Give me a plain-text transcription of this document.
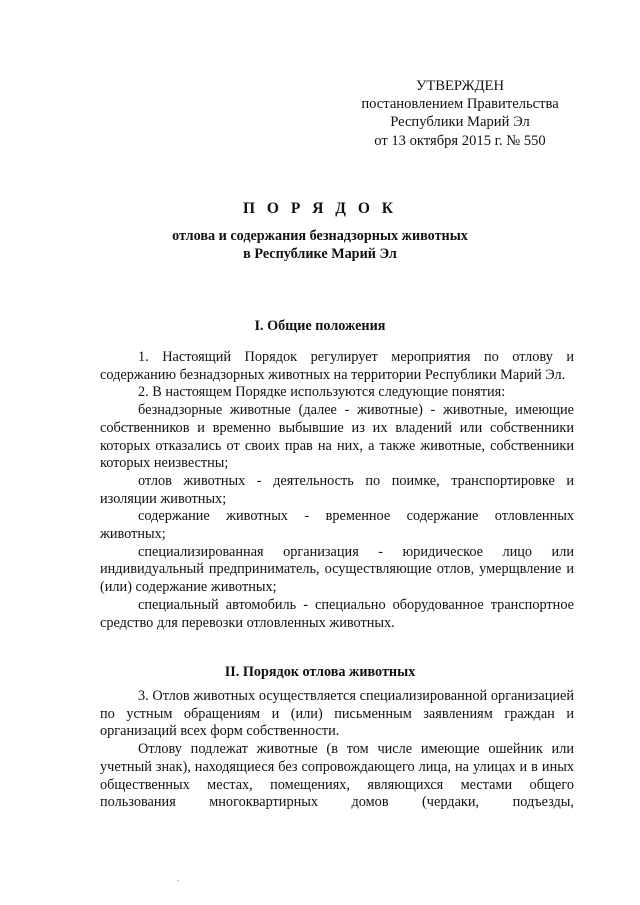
УТВЕРЖДЕН
постановлением Правительства
Республики Марий Эл
от 13 октября 2015 г. № 550
П О Р Я Д О К
отлова и содержания безнадзорных животных
в Республике Марий Эл
I. Общие положения

1. Настоящий Порядок регулирует мероприятия по отлову и содержанию безнадзорных животных на территории Республики Марий Эл.

2. В настоящем Порядке используются следующие понятия:

безнадзорные животные (далее - животные) - животные, имеющие собственников и временно выбывшие из их владений или собственники которых отказались от своих прав на них, а также животные, собственники которых неизвестны;

отлов животных - деятельность по поимке, транспортировке и изоляции животных;

содержание животных - временное содержание отловленных животных;

специализированная организация - юридическое лицо или индивидуальный предприниматель, осуществляющие отлов, умерщвление и (или) содержание животных;

специальный автомобиль - специально оборудованное транспортное средство для перевозки отловленных животных.

II. Порядок отлова животных

3. Отлов животных осуществляется специализированной организацией по устным обращениям и (или) письменным заявлениям граждан и организаций всех форм собственности.

Отлову подлежат животные (в том числе имеющие ошейник или учетный знак), находящиеся без сопровождающего лица, на улицах и в иных общественных местах, помещениях, являющихся местами общего пользования многоквартирных домов (чердаки, подъезды,
